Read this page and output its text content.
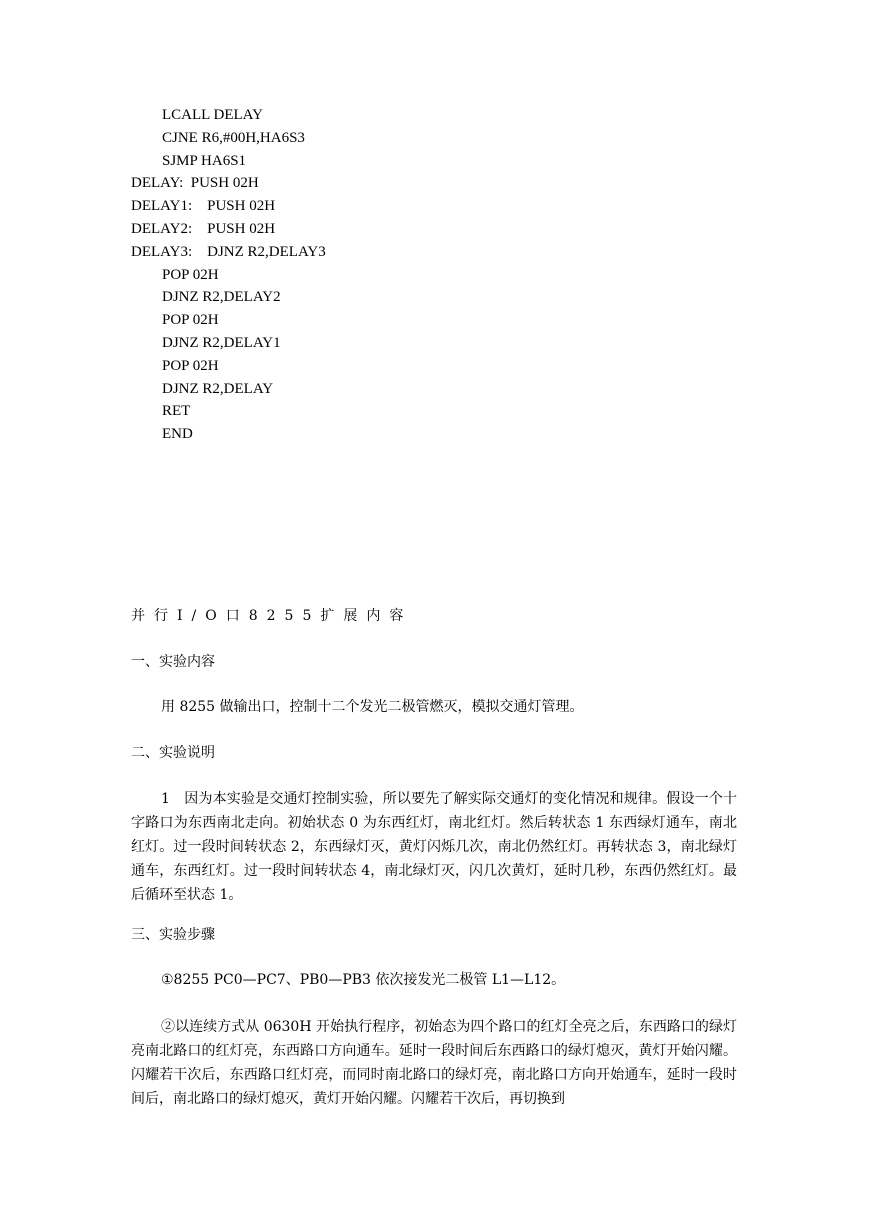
LCALL DELAY
CJNE R6,#00H,HA6S3
SJMP HA6S1
DELAY:  PUSH 02H
DELAY1:    PUSH 02H
DELAY2:    PUSH 02H
DELAY3:    DJNZ R2,DELAY3
POP 02H
DJNZ R2,DELAY2
POP 02H
DJNZ R2,DELAY1
POP 02H
DJNZ R2,DELAY
RET
END
并行I/O口8255扩展内容
一、实验内容
用 8255 做输出口，控制十二个发光二极管燃灭，模拟交通灯管理。
二、实验说明
1　因为本实验是交通灯控制实验，所以要先了解实际交通灯的变化情况和规律。假设一个十字路口为东西南北走向。初始状态 0 为东西红灯，南北红灯。然后转状态 1 东西绿灯通车，南北红灯。过一段时间转状态 2，东西绿灯灭，黄灯闪烁几次，南北仍然红灯。再转状态 3，南北绿灯通车，东西红灯。过一段时间转状态 4，南北绿灯灭，闪几次黄灯，延时几秒，东西仍然红灯。最后循环至状态 1。
三、实验步骤
①8255 PC0—PC7、PB0—PB3 依次接发光二极管 L1—L12。
②以连续方式从 0630H 开始执行程序，初始态为四个路口的红灯全亮之后，东西路口的绿灯亮南北路口的红灯亮，东西路口方向通车。延时一段时间后东西路口的绿灯熄灭，黄灯开始闪耀。闪耀若干次后，东西路口红灯亮，而同时南北路口的绿灯亮，南北路口方向开始通车，延时一段时间后，南北路口的绿灯熄灭，黄灯开始闪耀。闪耀若干次后，再切换到
